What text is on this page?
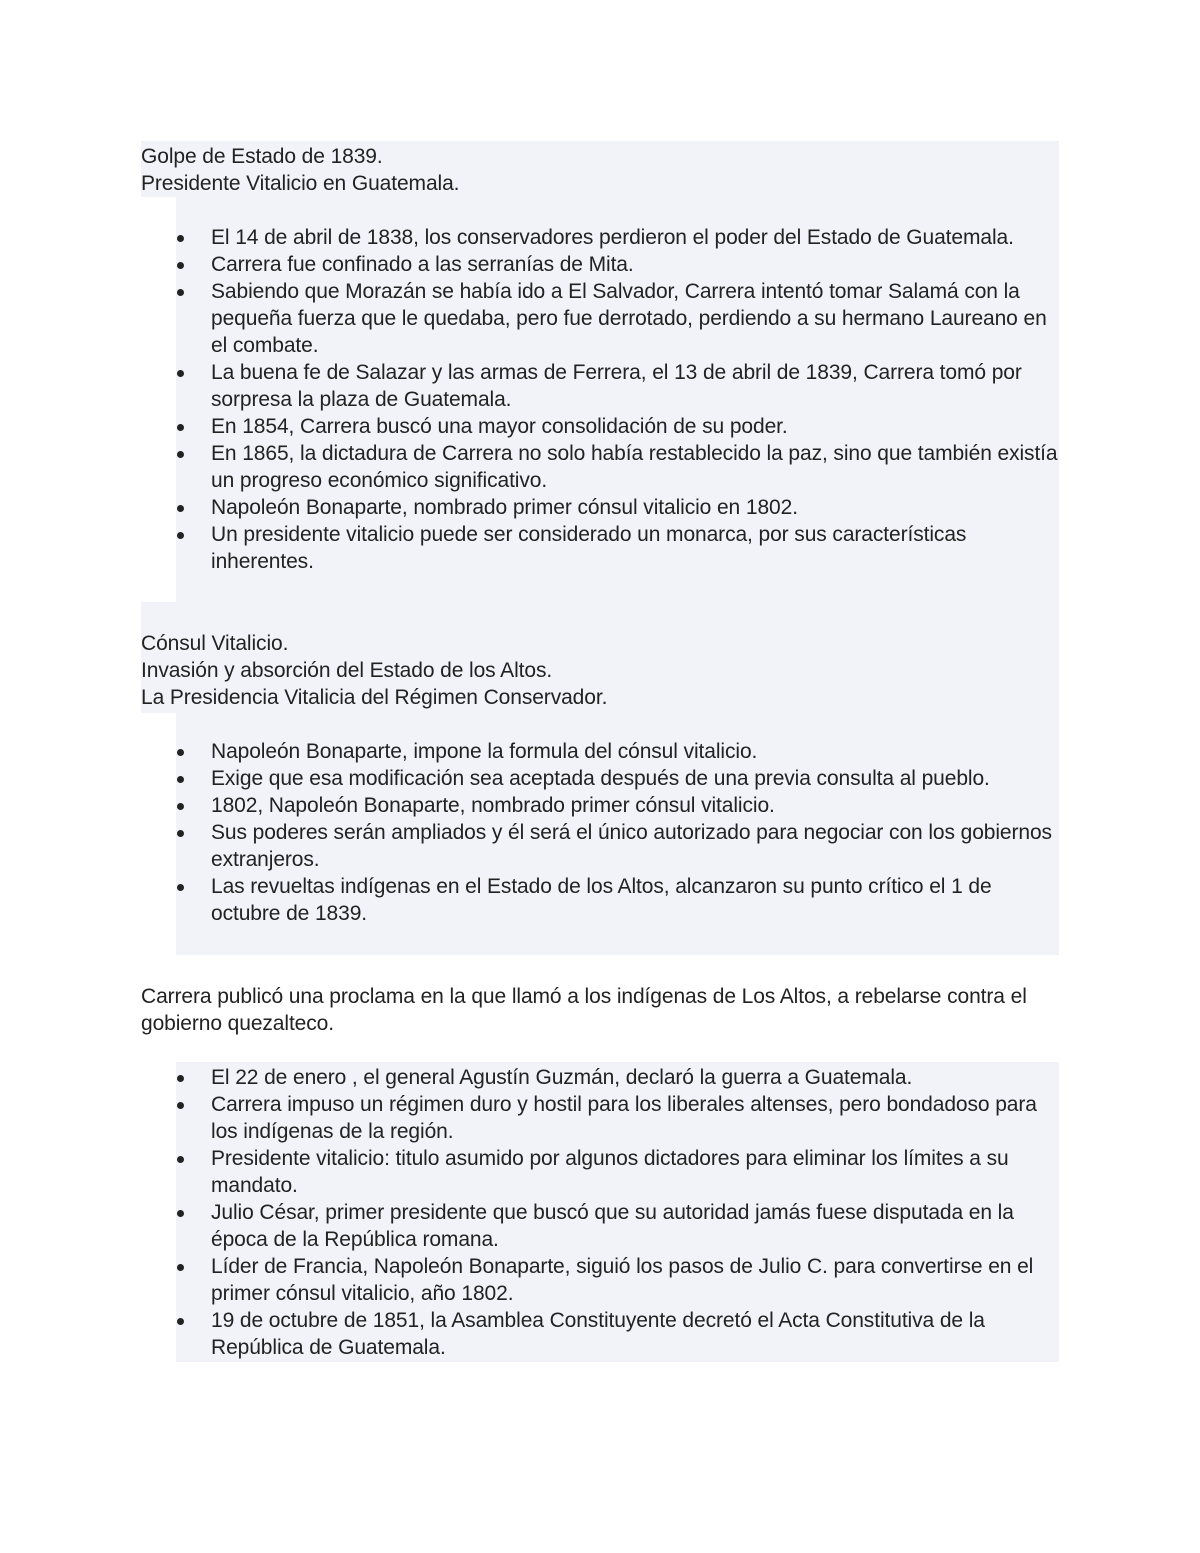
Golpe de Estado de 1839.
Presidente Vitalicio en Guatemala.
El 14 de abril de 1838, los conservadores perdieron el poder del Estado de Guatemala.
Carrera fue confinado a las serranías de Mita.
Sabiendo que Morazán se había ido a El Salvador, Carrera intentó tomar Salamá con la pequeña fuerza que le quedaba, pero fue derrotado, perdiendo a su hermano Laureano en el combate.
La buena fe de Salazar y las armas de Ferrera, el 13 de abril de 1839, Carrera tomó por sorpresa la plaza de Guatemala.
En 1854, Carrera buscó una mayor consolidación de su poder.
En 1865, la dictadura de Carrera no solo había restablecido la paz, sino que también existía un progreso económico significativo.
Napoleón Bonaparte, nombrado primer cónsul vitalicio en 1802.
Un presidente vitalicio puede ser considerado un monarca, por sus características inherentes.
Cónsul Vitalicio.
Invasión y absorción del Estado de los Altos.
La Presidencia Vitalicia del Régimen Conservador.
Napoleón Bonaparte, impone la formula del cónsul vitalicio.
Exige que esa modificación sea aceptada después de una previa consulta al pueblo.
1802, Napoleón Bonaparte, nombrado primer cónsul vitalicio.
Sus poderes serán ampliados y él será el único autorizado para negociar con los gobiernos extranjeros.
Las revueltas indígenas en el Estado de los Altos, alcanzaron su punto crítico el 1 de octubre de 1839.
Carrera publicó una proclama en la que llamó a los indígenas de Los Altos, a rebelarse contra el gobierno quezalteco.
El 22 de enero , el general Agustín Guzmán, declaró la guerra a Guatemala.
Carrera impuso un régimen duro y hostil para los liberales altenses, pero bondadoso para los indígenas de la región.
Presidente vitalicio: titulo asumido por algunos dictadores para eliminar los límites a su mandato.
Julio César, primer presidente que buscó que su autoridad jamás fuese disputada en la época de la República romana.
Líder de Francia, Napoleón Bonaparte, siguió los pasos de Julio C. para convertirse en el primer cónsul vitalicio, año 1802.
19 de octubre de 1851, la Asamblea Constituyente decretó el Acta Constitutiva de la República de Guatemala.
